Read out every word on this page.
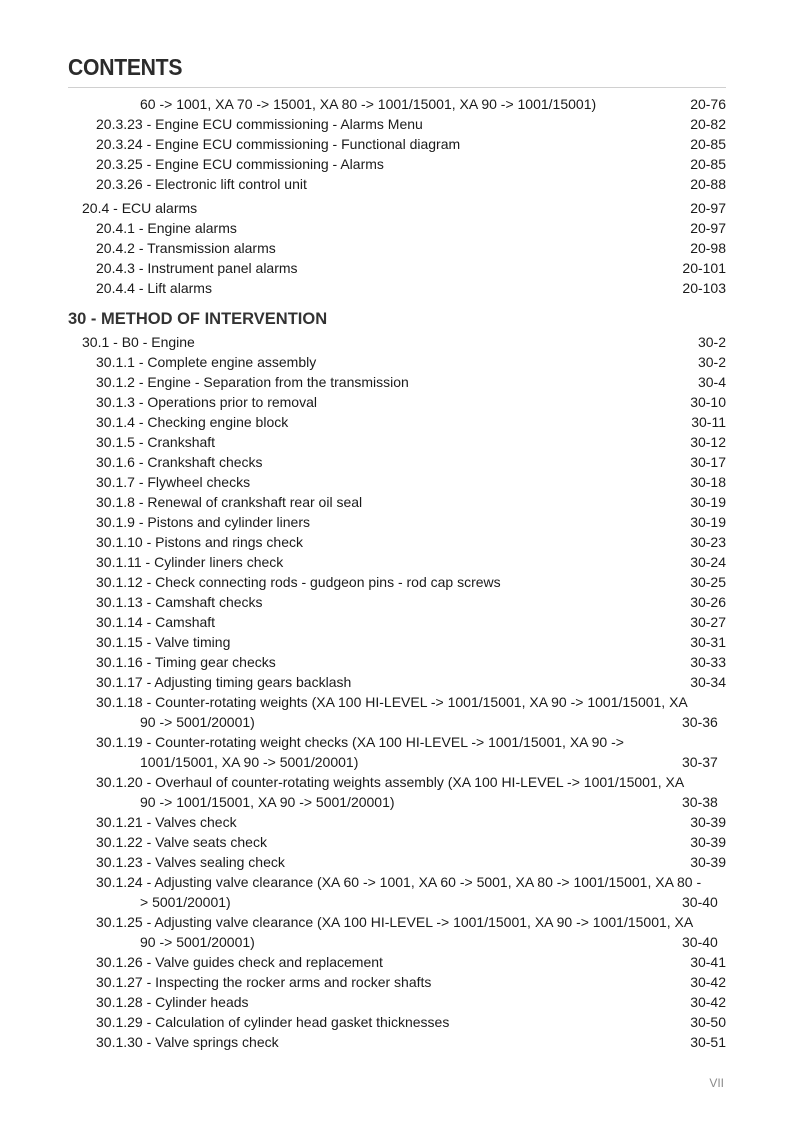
CONTENTS
60 -> 1001, XA 70 -> 15001, XA 80 -> 1001/15001, XA 90 -> 1001/15001)	20-76
20.3.23 - Engine ECU commissioning - Alarms Menu	20-82
20.3.24 - Engine ECU commissioning - Functional diagram	20-85
20.3.25 - Engine ECU commissioning - Alarms	20-85
20.3.26 - Electronic lift control unit	20-88
20.4 - ECU alarms	20-97
20.4.1 - Engine alarms	20-97
20.4.2 - Transmission alarms	20-98
20.4.3 - Instrument panel alarms	20-101
20.4.4 - Lift alarms	20-103
30 - METHOD OF INTERVENTION
30.1 - B0 - Engine	30-2
30.1.1 - Complete engine assembly	30-2
30.1.2 - Engine - Separation from the transmission	30-4
30.1.3 - Operations prior to removal	30-10
30.1.4 - Checking engine block	30-11
30.1.5 - Crankshaft	30-12
30.1.6 - Crankshaft checks	30-17
30.1.7 - Flywheel checks	30-18
30.1.8 - Renewal of crankshaft rear oil seal	30-19
30.1.9 - Pistons and cylinder liners	30-19
30.1.10 - Pistons and rings check	30-23
30.1.11 - Cylinder liners check	30-24
30.1.12 - Check connecting rods - gudgeon pins - rod cap screws	30-25
30.1.13 - Camshaft checks	30-26
30.1.14 - Camshaft	30-27
30.1.15 - Valve timing	30-31
30.1.16 - Timing gear checks	30-33
30.1.17 - Adjusting timing gears backlash	30-34
30.1.18 - Counter-rotating weights (XA 100 HI-LEVEL -> 1001/15001, XA 90 -> 1001/15001, XA 90 -> 5001/20001)	30-36
30.1.19 - Counter-rotating weight checks (XA 100 HI-LEVEL -> 1001/15001, XA 90 -> 1001/15001, XA 90 -> 5001/20001)	30-37
30.1.20 - Overhaul of counter-rotating weights assembly (XA 100 HI-LEVEL -> 1001/15001, XA 90 -> 1001/15001, XA 90 -> 5001/20001)	30-38
30.1.21 - Valves check	30-39
30.1.22 - Valve seats check	30-39
30.1.23 - Valves sealing check	30-39
30.1.24 - Adjusting valve clearance (XA 60 -> 1001, XA 60 -> 5001, XA 80 -> 1001/15001, XA 80 -> 5001/20001)	30-40
30.1.25 - Adjusting valve clearance (XA 100 HI-LEVEL -> 1001/15001, XA 90 -> 1001/15001, XA 90 -> 5001/20001)	30-40
30.1.26 - Valve guides check and replacement	30-41
30.1.27 - Inspecting the rocker arms and rocker shafts	30-42
30.1.28 - Cylinder heads	30-42
30.1.29 - Calculation of cylinder head gasket thicknesses	30-50
30.1.30 - Valve springs check	30-51
VII
